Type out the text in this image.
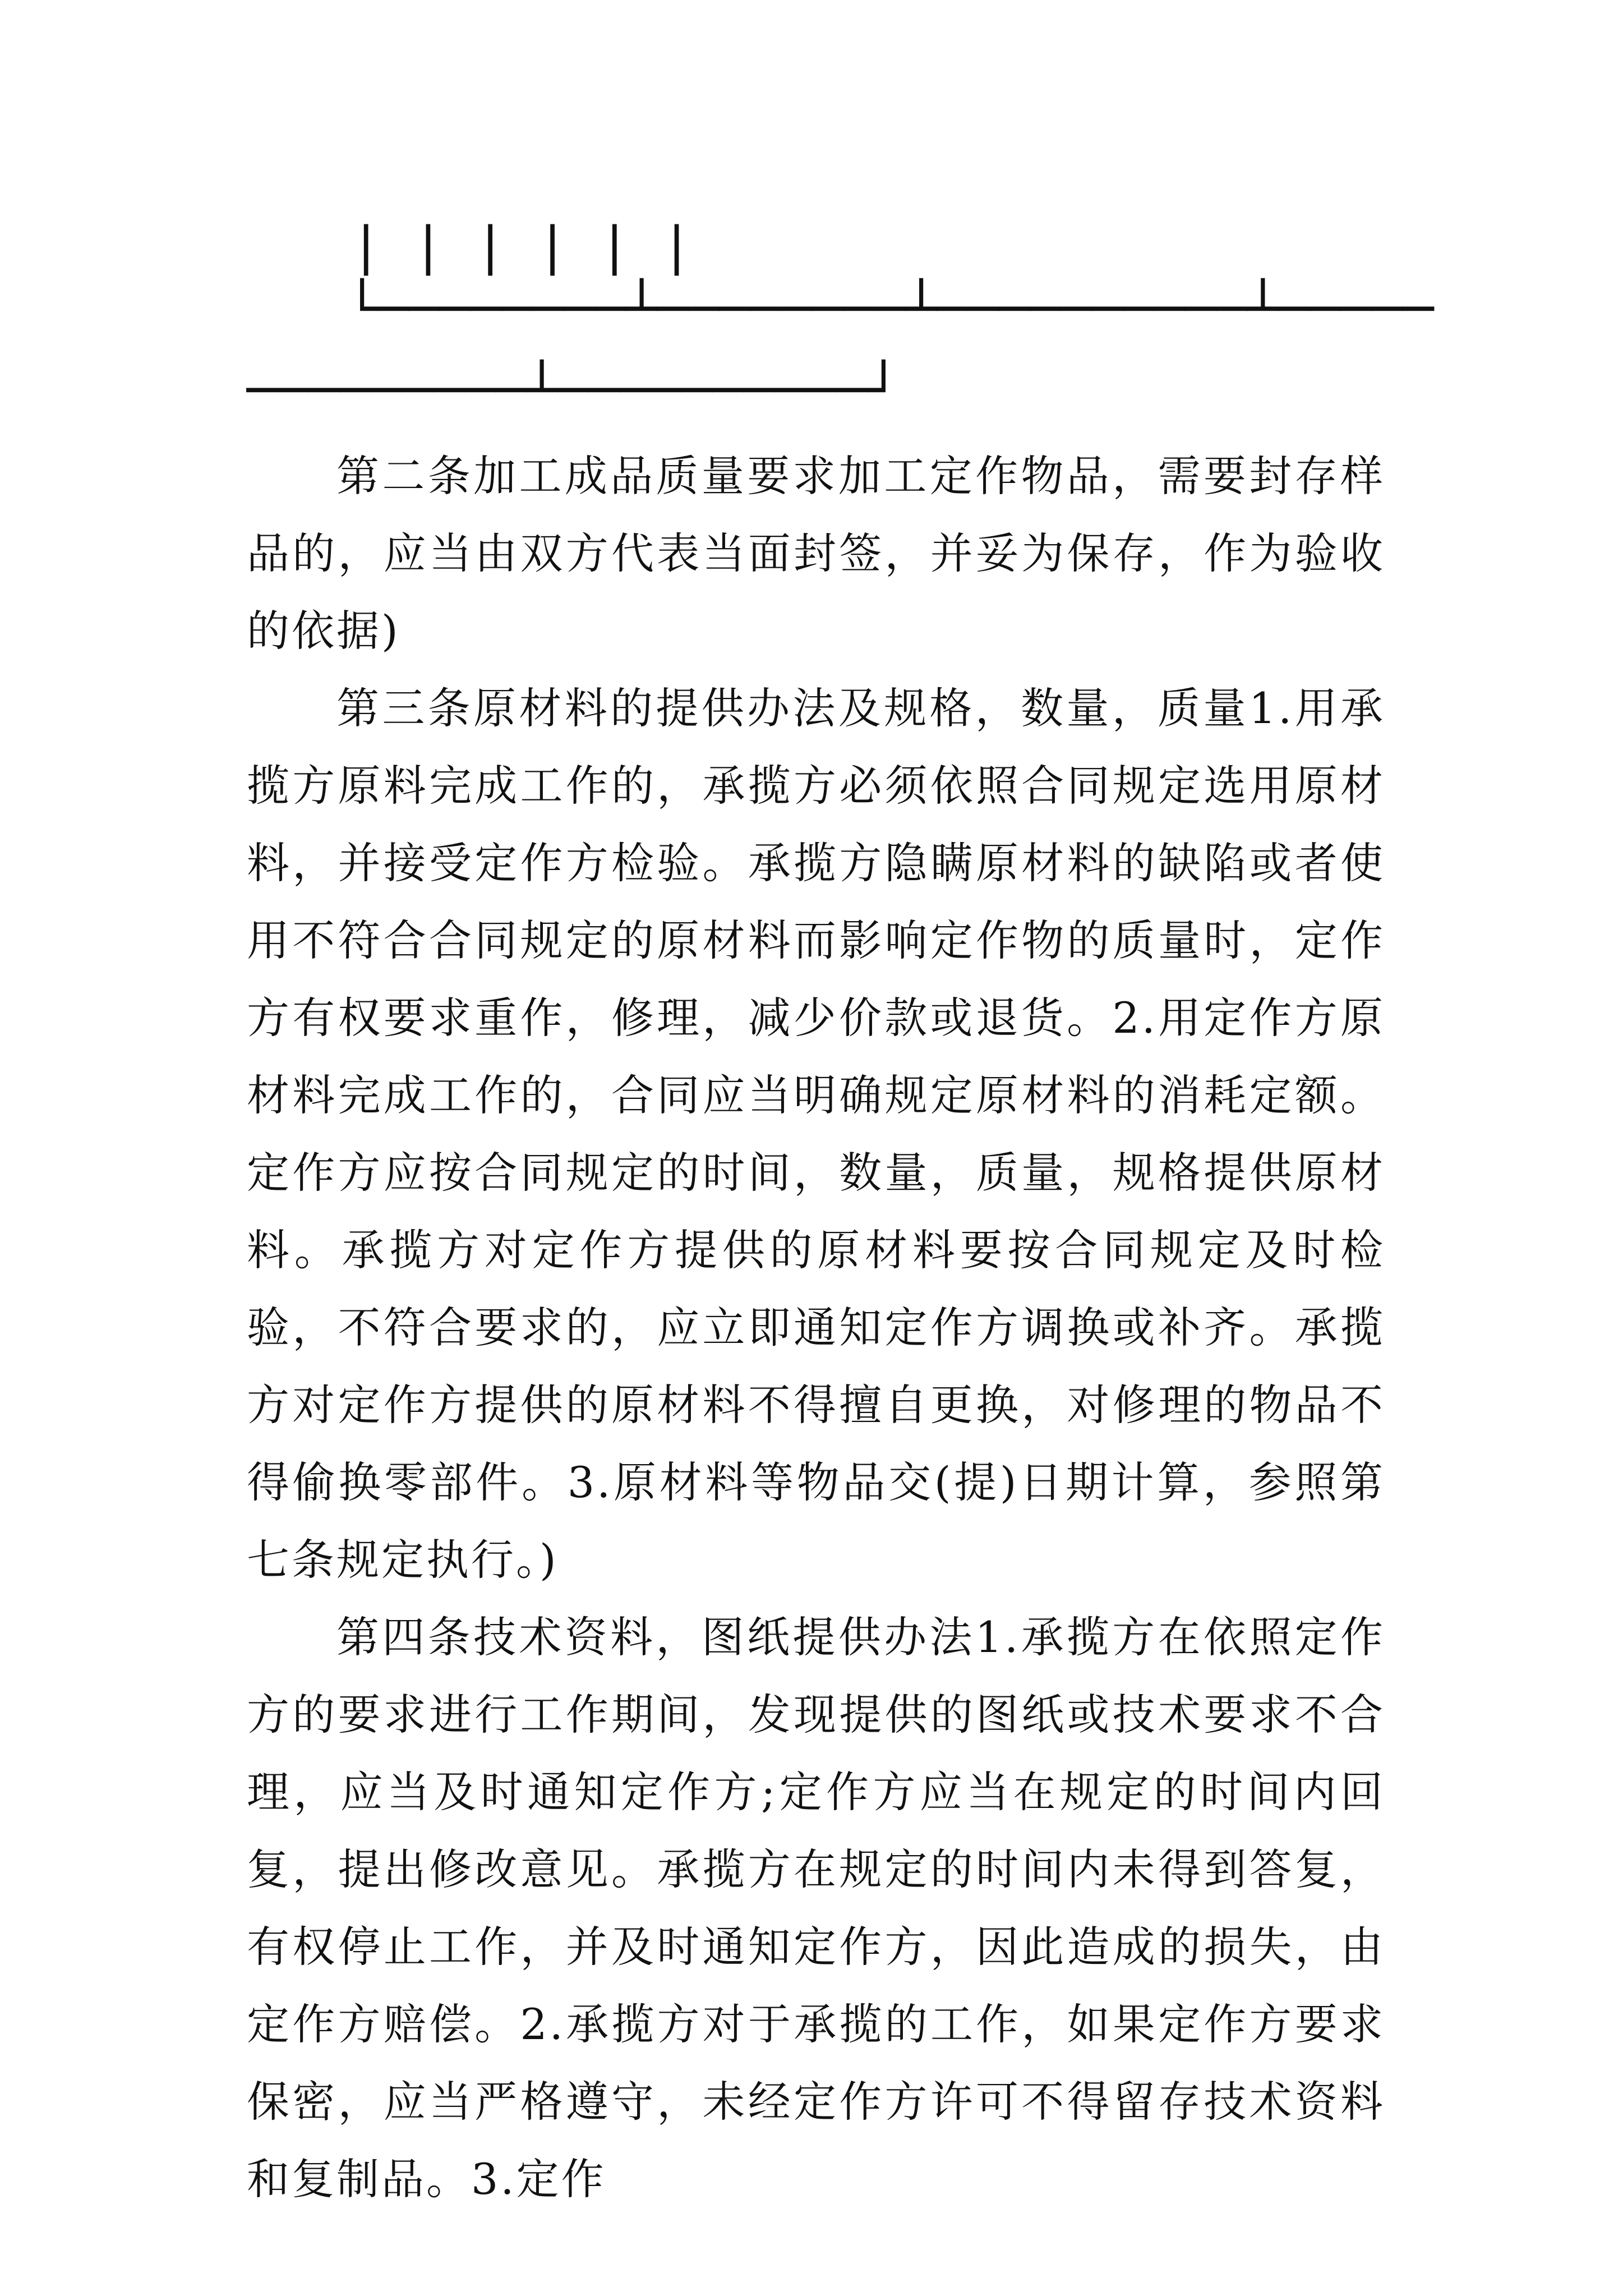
| | | | | |
└────────┴────────┴──────────┴─────
─────────┴──────────┘

第二条加工成品质量要求加工定作物品，需要封存样品的，应当由双方代表当面封签，并妥为保存，作为验收的依据)

第三条原材料的提供办法及规格，数量，质量1.用承揽方原料完成工作的，承揽方必须依照合同规定选用原材料，并接受定作方检验。承揽方隐瞒原材料的缺陷或者使用不符合合同规定的原材料而影响定作物的质量时，定作方有权要求重作，修理，减少价款或退货。2.用定作方原材料完成工作的，合同应当明确规定原材料的消耗定额。定作方应按合同规定的时间，数量，质量，规格提供原材料。承揽方对定作方提供的原材料要按合同规定及时检验，不符合要求的，应立即通知定作方调换或补齐。承揽方对定作方提供的原材料不得擅自更换，对修理的物品不得偷换零部件。3.原材料等物品交(提)日期计算，参照第七条规定执行。)

第四条技术资料，图纸提供办法1.承揽方在依照定作方的要求进行工作期间，发现提供的图纸或技术要求不合理，应当及时通知定作方;定作方应当在规定的时间内回复，提出修改意见。承揽方在规定的时间内未得到答复，有权停止工作，并及时通知定作方，因此造成的损失，由定作方赔偿。2.承揽方对于承揽的工作，如果定作方要求保密，应当严格遵守，未经定作方许可不得留存技术资料和复制品。3.定作
